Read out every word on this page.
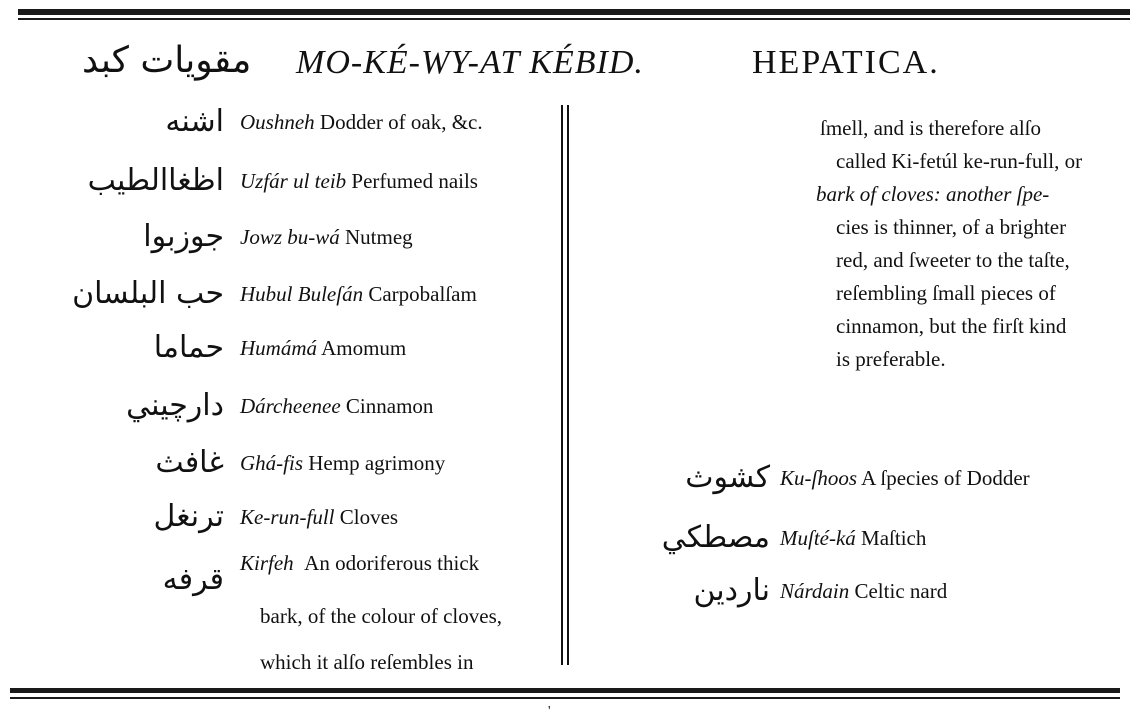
مقويات كبد MO-KÉ-WY-AT KÉBID.	HEPATICA.
اشنه Oushneh Dodder of oak, &c.
اظغاالطيب Uzfár ul teib Perfumed nails
جوزبوا Jowz bu-wá Nutmeg
حب البلسان Hubul Buleſán Carpobalſam
حماما Humámá Amomum
دارچيني Dárcheenee Cinnamon
غافث Ghá-fis Hemp agrimony
ترنغل Ke-run-full Cloves
قرفه Kirfeh An odoriferous thick
bark, of the colour of cloves,
which it alſo reſembles in
ſmell, and is therefore alſo
called Ki-fetúl ke-run-full, or
bark of cloves: another ſpe-
cies is thinner, of a brighter
red, and ſweeter to the taſte,
reſembling ſmall pieces of
cinnamon, but the firſt kind
is preferable.
كشوث Ku-ſhoos A ſpecies of Dodder
مصطكي Muſté-ká Maſtich
ناردين Nárdain Celtic nard
'
